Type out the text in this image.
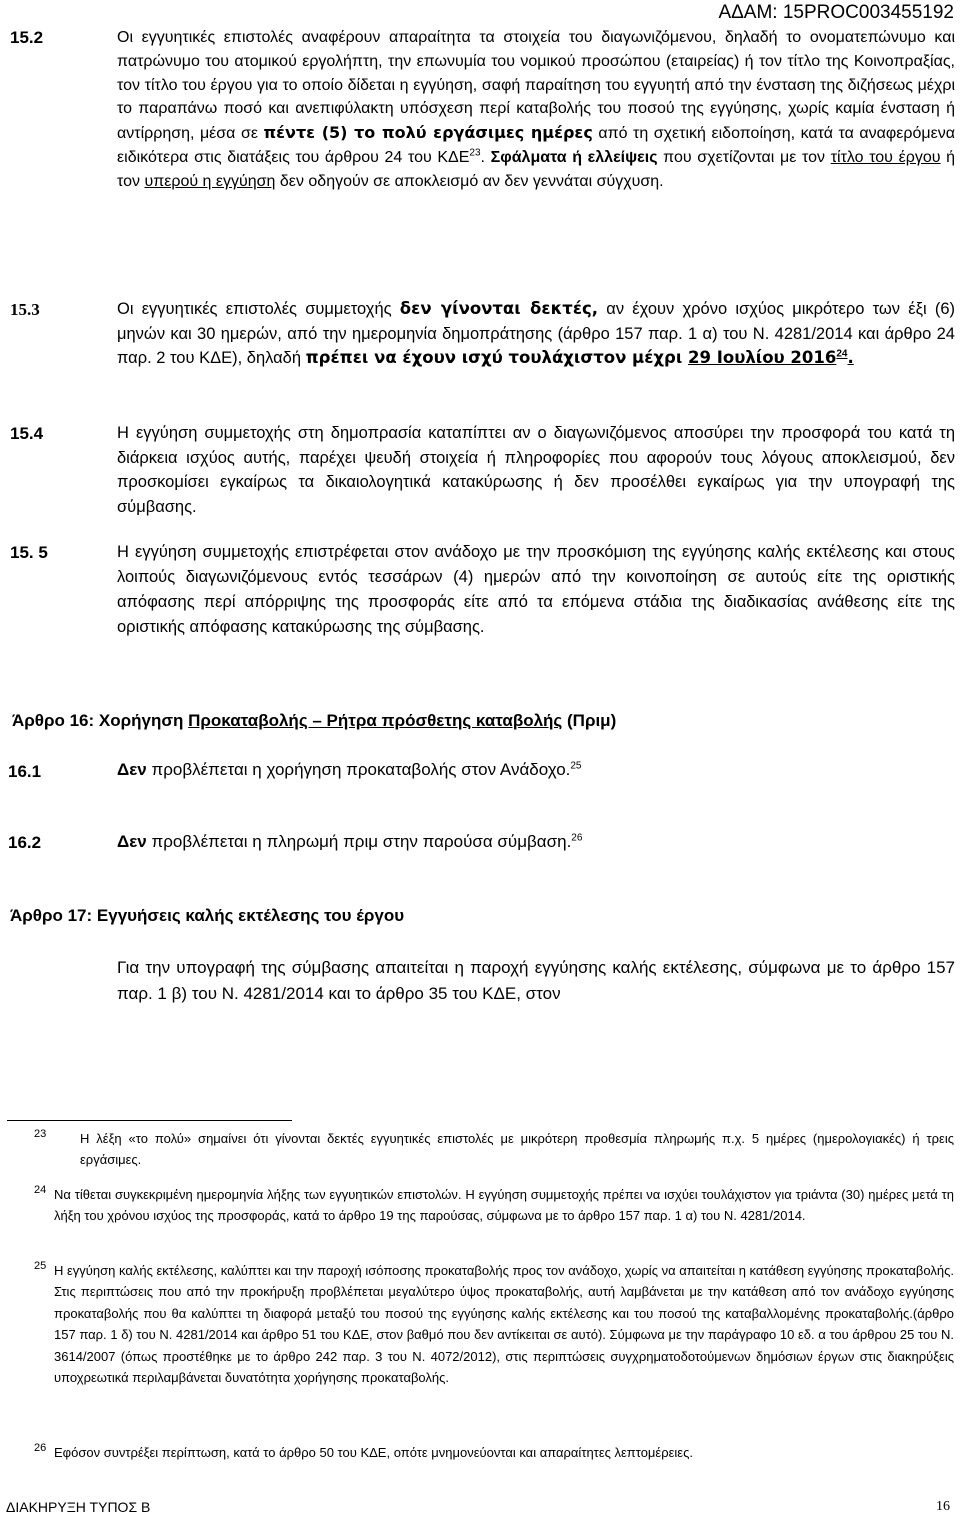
ΑΔΑΜ: 15PROC003455192
15.2	Οι εγγυητικές επιστολές αναφέρουν απαραίτητα τα στοιχεία του διαγωνιζόμενου, δηλαδή το ονοματεπώνυμο και πατρώνυμο του ατομικού εργολήπτη, την επωνυμία του νομικού προσώπου (εταιρείας) ή τον τίτλο της Κοινοπραξίας, τον τίτλο του έργου για το οποίο δίδεται η εγγύηση, σαφή παραίτηση του εγγυητή από την ένσταση της διζήσεως μέχρι το παραπάνω ποσό και ανεπιφύλακτη υπόσχεση περί καταβολής του ποσού της εγγύησης, χωρίς καμία ένσταση ή αντίρρηση, μέσα σε πέντε (5) το πολύ εργάσιμες ημέρες από τη σχετική ειδοποίηση, κατά τα αναφερόμενα ειδικότερα στις διατάξεις του άρθρου 24 του ΚΔΕ$^{23}$. Σφάλματα ή ελλείψεις που σχετίζονται με τον τίτλο του έργου ή τον υπερού η εγγύηση δεν οδηγούν σε αποκλεισμό αν δεν γεννάται σύγχυση.
15.3	Οι εγγυητικές επιστολές συμμετοχής δεν γίνονται δεκτές, αν έχουν χρόνο ισχύος μικρότερο των έξι (6) μηνών και 30 ημερών, από την ημερομηνία δημοπράτησης (άρθρο 157 παρ. 1 α) του Ν. 4281/2014 και άρθρο 24 παρ. 2 του ΚΔΕ), δηλαδή πρέπει να έχουν ισχύ τουλάχιστον μέχρι 29 Ιουλίου 2016$^{24}$.
15.4	Η εγγύηση συμμετοχής στη δημοπρασία καταπίπτει αν ο διαγωνιζόμενος αποσύρει την προσφορά του κατά τη διάρκεια ισχύος αυτής, παρέχει ψευδή στοιχεία ή πληροφορίες που αφορούν τους λόγους αποκλεισμού, δεν προσκομίσει εγκαίρως τα δικαιολογητικά κατακύρωσης ή δεν προσέλθει εγκαίρως για την υπογραφή της σύμβασης.
15. 5	Η εγγύηση συμμετοχής επιστρέφεται στον ανάδοχο με την προσκόμιση της εγγύησης καλής εκτέλεσης και στους λοιπούς διαγωνιζόμενους εντός τεσσάρων (4) ημερών από την κοινοποίηση σε αυτούς είτε της οριστικής απόφασης περί απόρριψης της προσφοράς είτε από τα επόμενα στάδια της διαδικασίας ανάθεσης είτε της οριστικής απόφασης κατακύρωσης της σύμβασης.
Άρθρο 16: Χορήγηση Προκαταβολής – Ρήτρα πρόσθετης καταβολής (Πριμ)
16.1	Δεν προβλέπεται η χορήγηση προκαταβολής στον Ανάδοχο.$^{25}$
16.2	Δεν προβλέπεται η πληρωμή πριμ στην παρούσα σύμβαση.$^{26}$
Άρθρο 17: Εγγυήσεις καλής εκτέλεσης του έργου
Για την υπογραφή της σύμβασης απαιτείται η παροχή εγγύησης καλής εκτέλεσης, σύμφωνα με το άρθρο 157 παρ. 1 β) του Ν. 4281/2014 και το άρθρο 35 του ΚΔΕ, στον
23	Η λέξη «το πολύ» σημαίνει ότι γίνονται δεκτές εγγυητικές επιστολές με μικρότερη προθεσμία πληρωμής π.χ. 5 ημέρες (ημερολογιακές) ή τρεις εργάσιμες.
24 Να τίθεται συγκεκριμένη ημερομηνία λήξης των εγγυητικών επιστολών. Η εγγύηση συμμετοχής πρέπει να ισχύει τουλάχιστον για τριάντα (30) ημέρες μετά τη λήξη του χρόνου ισχύος της προσφοράς, κατά το άρθρο 19 της παρούσας, σύμφωνα με το άρθρο 157 παρ. 1 α) του Ν. 4281/2014.
25 Η εγγύηση καλής εκτέλεσης, καλύπτει και την παροχή ισόποσης προκαταβολής προς τον ανάδοχο, χωρίς να απαιτείται η κατάθεση εγγύησης προκαταβολής. Στις περιπτώσεις που από την προκήρυξη προβλέπεται μεγαλύτερο ύψος προκαταβολής, αυτή λαμβάνεται με την κατάθεση από τον ανάδοχο εγγύησης προκαταβολής που θα καλύπτει τη διαφορά μεταξύ του ποσού της εγγύησης καλής εκτέλεσης και του ποσού της καταβαλλομένης προκαταβολής.(άρθρο 157 παρ. 1 δ) του Ν. 4281/2014 και άρθρο 51 του ΚΔΕ, στον βαθμό που δεν αντίκειται σε αυτό). Σύμφωνα με την παράγραφο 10 εδ. α του άρθρου 25 του Ν. 3614/2007 (όπως προστέθηκε με το άρθρο 242 παρ. 3 του Ν. 4072/2012), στις περιπτώσεις συγχρηματοδοτούμενων δημόσιων έργων στις διακηρύξεις υποχρεωτικά περιλαμβάνεται δυνατότητα χορήγησης προκαταβολής.
26 Εφόσον συντρέξει περίπτωση, κατά το άρθρο 50 του ΚΔΕ, οπότε μνημονεύονται και απαραίτητες λεπτομέρειες.
ΔΙΑΚΗΡΥΞΗ ΤΥΠΟΣ Β	16
